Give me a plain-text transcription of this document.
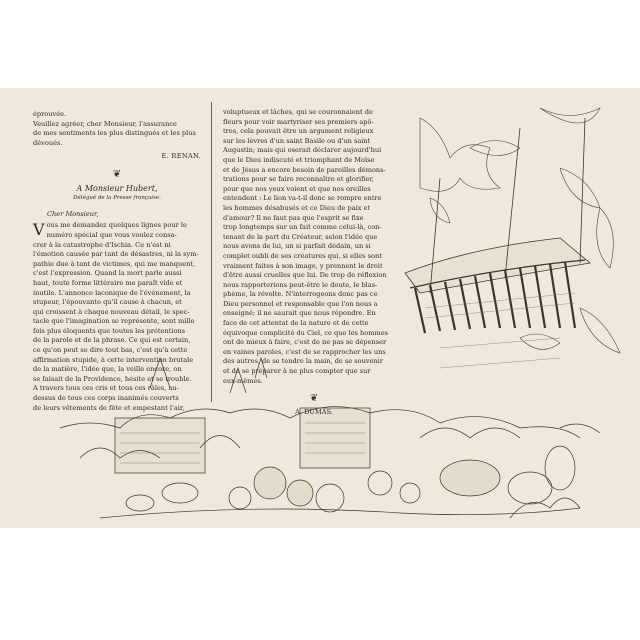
éprouvée.

Veuillez agréer, cher Monsieur, l'assurance

de mes sentiments les plus distingués et les plus

dévoués.

E. RENAN.
❦
A Monsieur Hubert,
Délégué de la Presse française.
Cher Monsieur,
V ous me demandez quelques lignes pour le

numéro spécial que vous voulez consa-

crer à la catastrophe d'Ischia. Ce n'est ni

l'émotion causée par tant de désastres, ni la sym-

pathie due à tant de victimes, qui me manquent,

c'est l'expression. Quand la mort parle aussi

haut, toute forme littéraire me paraît vide et

inutile. L'annonce laconique de l'événement, la

stupeur, l'épouvante qu'il cause à chacun, et

qui croissent à chaque nouveau détail, le spec-

tacle que l'imagination se représente, sont mille

fois plus éloquents que toutes les prétentions

de la parole et de la phrase. Ce qui est certain,

ce qu'on peut se dire tout bas, c'est qu'à cette

affirmation stupide, à cette intervention brutale

de la matière, l'idée que, la veille encore, on

se faisait de la Providence, hésite et se trouble.

A travers tous ces cris et tous ces râles, au-

dessus de tous ces corps inanimés couverts

de leurs vêtements de fête et empestant l'air,

voluptueux et lâches, qui se couronnaient de

fleurs pour voir martyriser ses premiers apô-

tres, cela pouvait être un argument religieux

sur les lèvres d'un saint Basile ou d'un saint

Augustin; mais qui oserait déclarer aujourd'hui

que le Dieu indiscuté et triomphant de Moïse

et de Jésus a encore besoin de pareilles démons-

trations pour se faire reconnaître et glorifier,

pour que nos yeux voient et que nos oreilles

entendent : Le lion va-t-il donc se rompre entre

les hommes désabusés et ce Dieu de paix et

d'amour? Il ne faut pas que l'esprit se fixe

trop longtemps sur un fait comme celui-là, con-

tenant de la part du Créateur, selon l'idée que

nous avons de lui, un si parfait dédain, un si

complet oubli de ses créatures qui, si elles sont

vraiment faites à son image, y prennent le droit

d'être aussi cruelles que lui. De trop de réflexion

nous rapporterions peut-être le doute, le blas-

phème, la révolte. N'interrogeons donc pas ce

Dieu personnel et responsable que l'on nous a

enseigné; il ne saurait que nous répondre. En

face de cet attentat de la nature et de cette

équivoque complicité du Ciel, ce que les hommes

ont de mieux à faire, c'est de ne pas se dépenser

en vaines paroles, c'est de se rapprocher les uns

des autres, de se tendre la main, de se souvenir

et de se préparer à ne plus compter que sur

eux-mêmes.

❦
A. DUMAS.
